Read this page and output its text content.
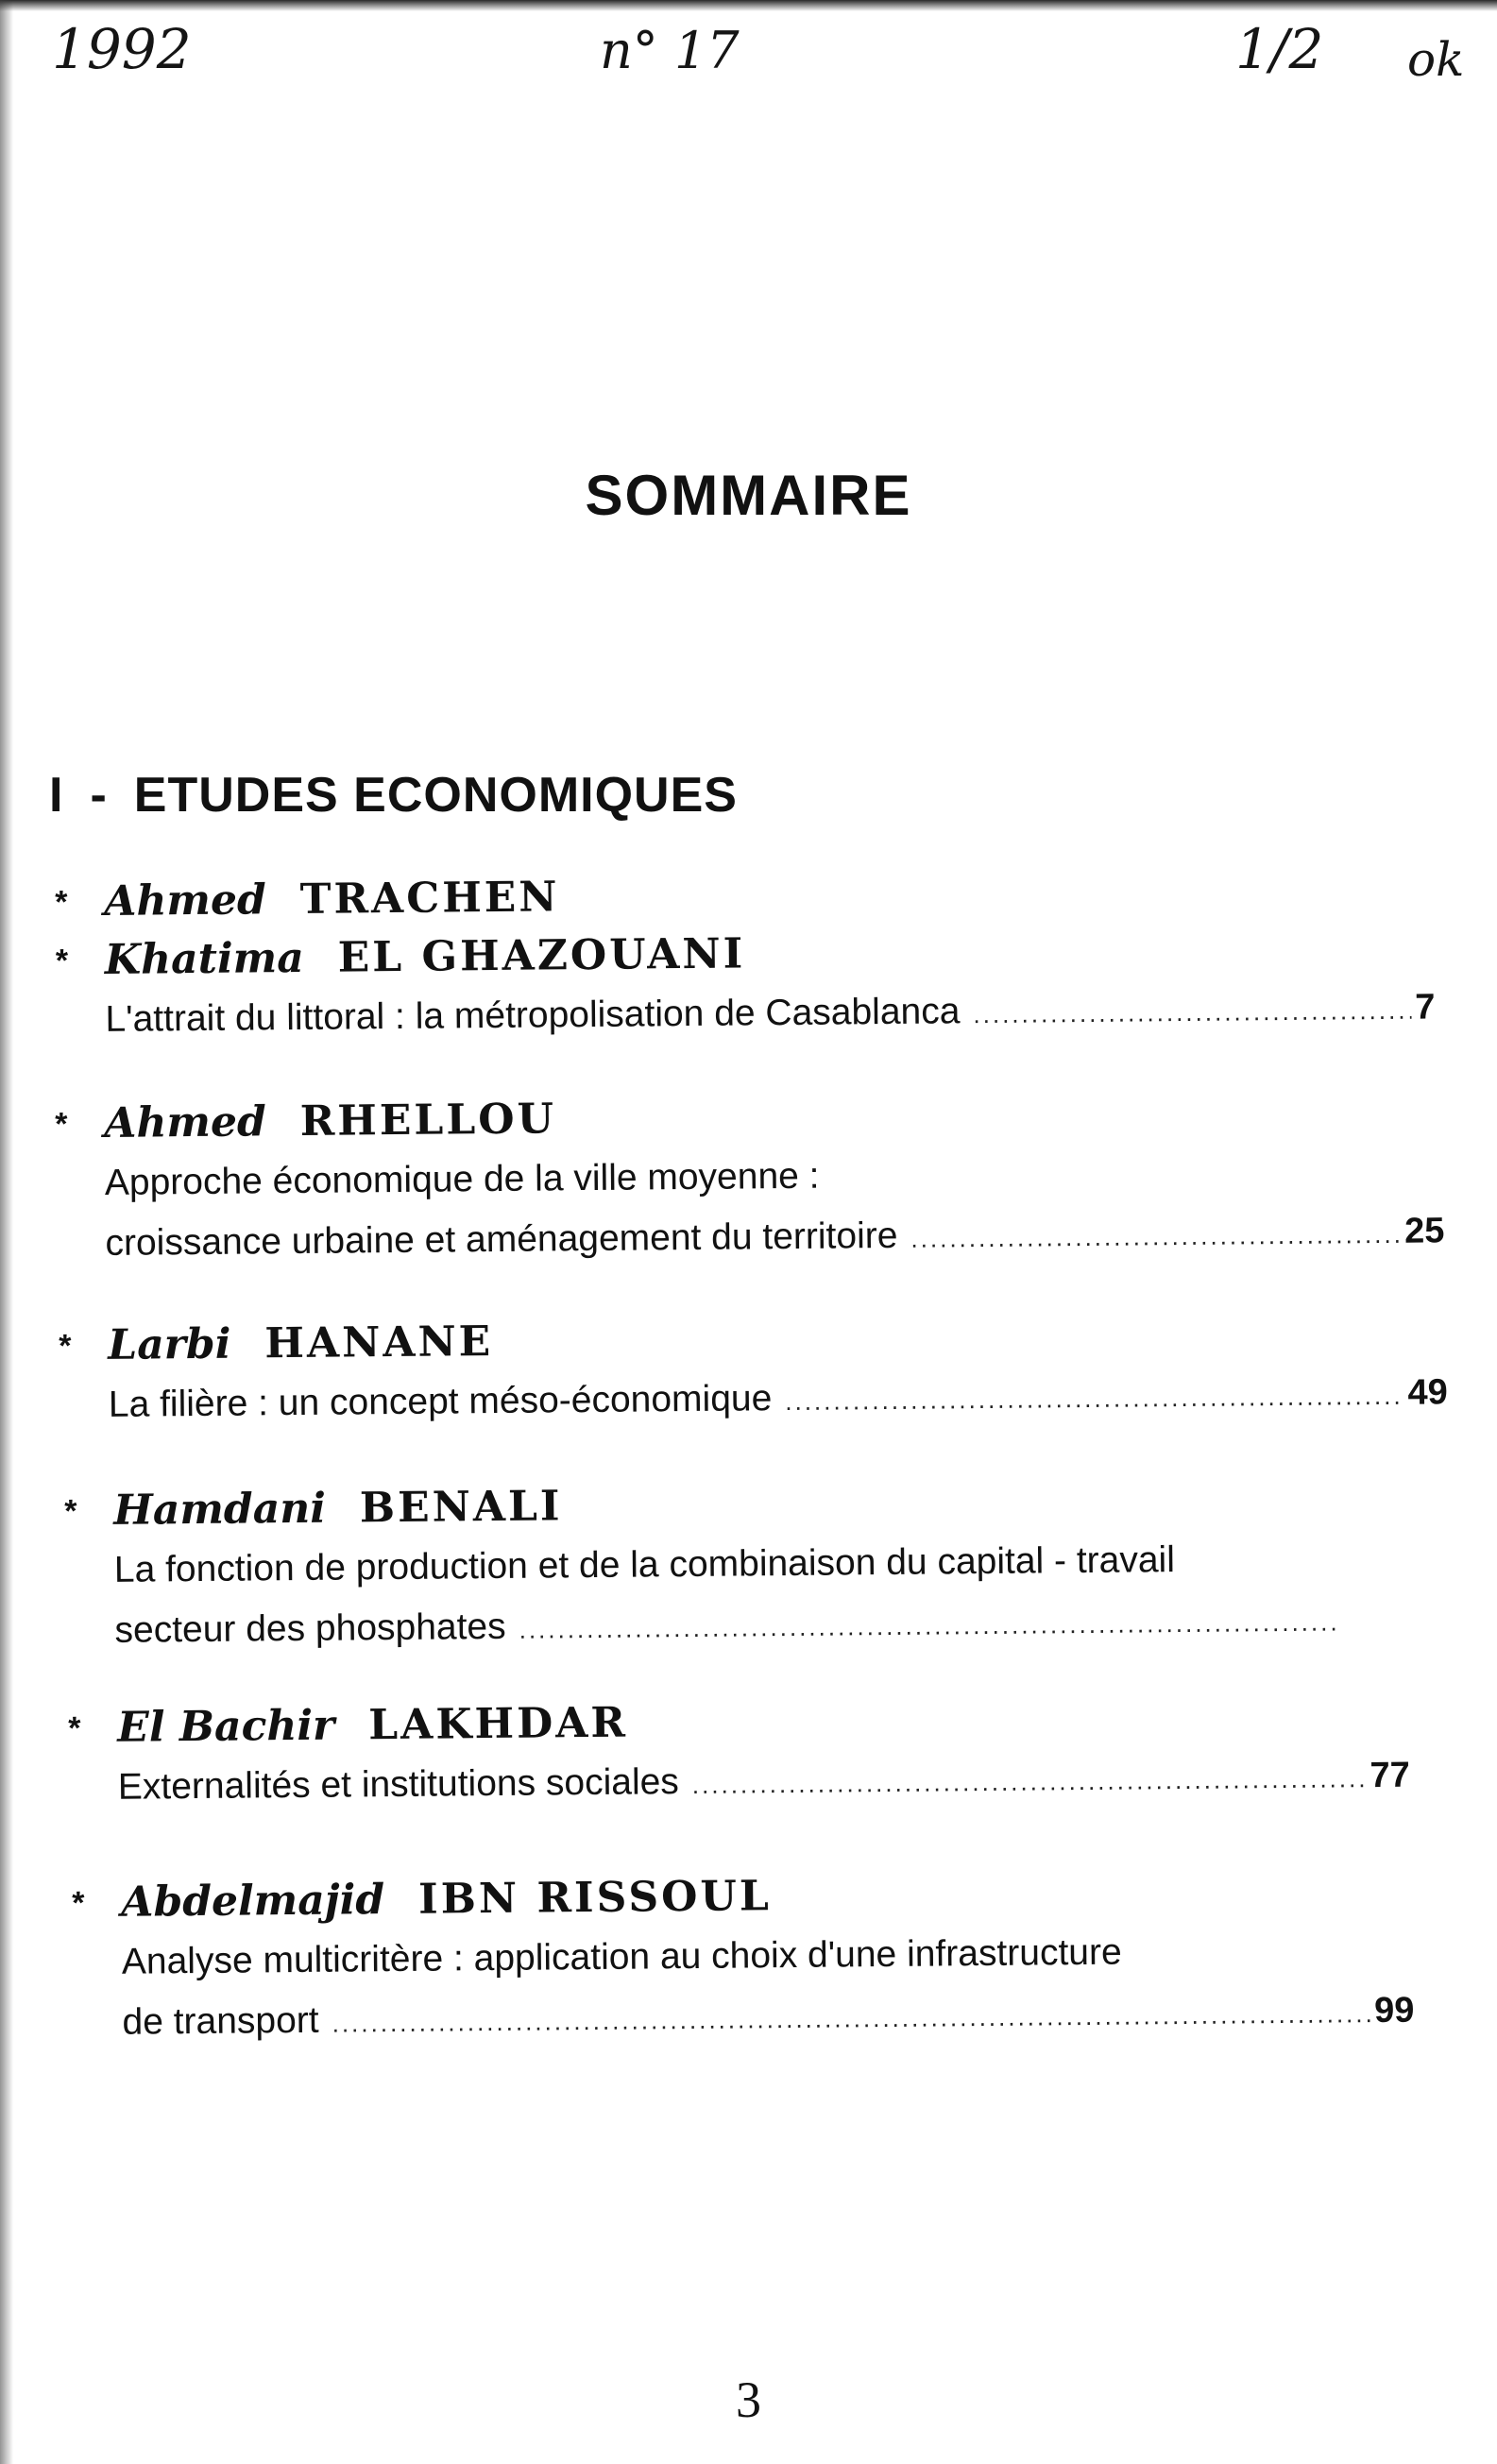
1992	n° 17	1/2 ok
SOMMAIRE
I - ETUDES ECONOMIQUES
* Ahmed TRACHEN
* Khatima EL GHAZOUANI
L'attrait du littoral : la métropolisation de Casablanca .....	7
* Ahmed RHELLOU
Approche économique de la ville moyenne :
croissance urbaine et aménagement du territoire .....	25
* Larbi HANANE
La filière : un concept méso-économique .....	49
* Hamdani BENALI
La fonction de production et de la combinaison du capital - travail
secteur des phosphates
.....
* El Bachir LAKHDAR
Externalités et institutions sociales .....	77
* Abdelmajid IBN RISSOUL
Analyse multicritère : application au choix d'une infrastructure
de transport .....	99
3
